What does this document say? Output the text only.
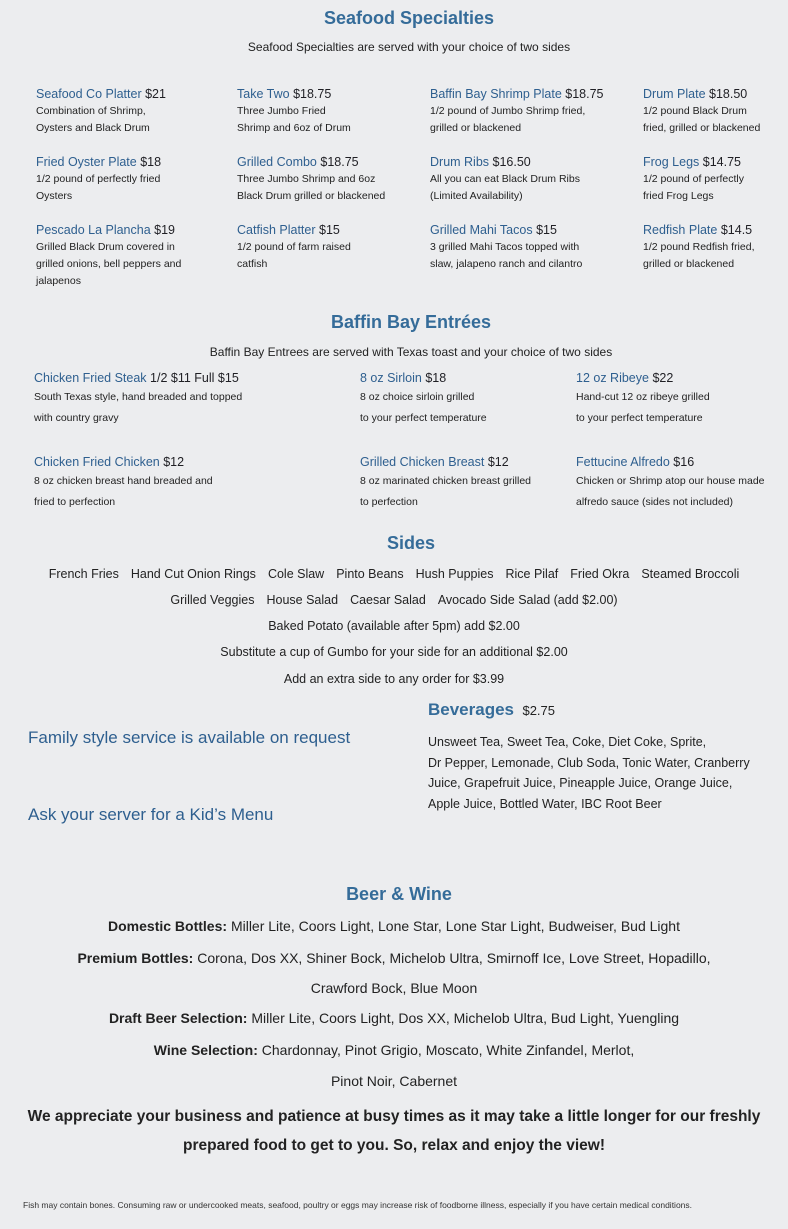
Seafood Specialties
Seafood Specialties are served with your choice of two sides
Seafood Co Platter $21
Combination of Shrimp,
Oysters and Black Drum
Take Two $18.75
Three Jumbo Fried
Shrimp and 6oz of Drum
Baffin Bay Shrimp Plate $18.75
1/2 pound of Jumbo Shrimp fried,
grilled or blackened
Drum Plate $18.50
1/2 pound Black Drum
fried, grilled or blackened
Fried Oyster Plate $18
1/2 pound of perfectly fried
Oysters
Grilled Combo $18.75
Three Jumbo Shrimp and 6oz
Black Drum grilled or blackened
Drum Ribs $16.50
All you can eat Black Drum Ribs
(Limited Availability)
Frog Legs $14.75
1/2 pound of perfectly
fried Frog Legs
Pescado La Plancha $19
Grilled Black Drum covered in
grilled onions, bell peppers and
jalapenos
Catfish Platter $15
1/2 pound of farm raised
catfish
Grilled Mahi Tacos $15
3 grilled Mahi Tacos topped with
slaw, jalapeno ranch and cilantro
Redfish Plate $14.5
1/2 pound Redfish fried,
grilled or blackened
Baffin Bay Entrées
Baffin Bay Entrees are served with Texas toast and your choice of two sides
Chicken Fried Steak 1/2 $11 Full $15
South Texas style, hand breaded and topped
with country gravy
8 oz Sirloin $18
8 oz choice sirloin grilled
to your perfect temperature
12 oz Ribeye $22
Hand-cut 12 oz ribeye grilled
to your perfect temperature
Chicken Fried Chicken $12
8 oz chicken breast hand breaded and
fried to perfection
Grilled Chicken Breast $12
8 oz marinated chicken breast grilled
to perfection
Fettucine Alfredo $16
Chicken or Shrimp atop our house made
alfredo sauce (sides not included)
Sides
French Fries Hand Cut Onion Rings Cole Slaw Pinto Beans Hush Puppies Rice Pilaf Fried Okra Steamed Broccoli
Grilled Veggies House Salad Caesar Salad Avocado Side Salad (add $2.00)
Baked Potato (available after 5pm) add $2.00
Substitute a cup of Gumbo for your side for an additional $2.00
Add an extra side to any order for $3.99
Family style service is available on request
Ask your server for a Kid’s Menu
Beverages $2.75
Unsweet Tea, Sweet Tea, Coke, Diet Coke, Sprite,
Dr Pepper, Lemonade, Club Soda, Tonic Water, Cranberry
Juice, Grapefruit Juice, Pineapple Juice, Orange Juice,
Apple Juice, Bottled Water, IBC Root Beer
Beer & Wine
Domestic Bottles: Miller Lite, Coors Light, Lone Star, Lone Star Light, Budweiser, Bud Light
Premium Bottles: Corona, Dos XX, Shiner Bock, Michelob Ultra, Smirnoff Ice, Love Street, Hopadillo,
Crawford Bock, Blue Moon
Draft Beer Selection: Miller Lite, Coors Light, Dos XX, Michelob Ultra, Bud Light, Yuengling
Wine Selection: Chardonnay, Pinot Grigio, Moscato, White Zinfandel, Merlot,
Pinot Noir, Cabernet
We appreciate your business and patience at busy times as it may take a little longer for our freshly
prepared food to get to you. So, relax and enjoy the view!
Fish may contain bones. Consuming raw or undercooked meats, seafood, poultry or eggs may increase risk of foodborne illness, especially if you have certain medical conditions.
